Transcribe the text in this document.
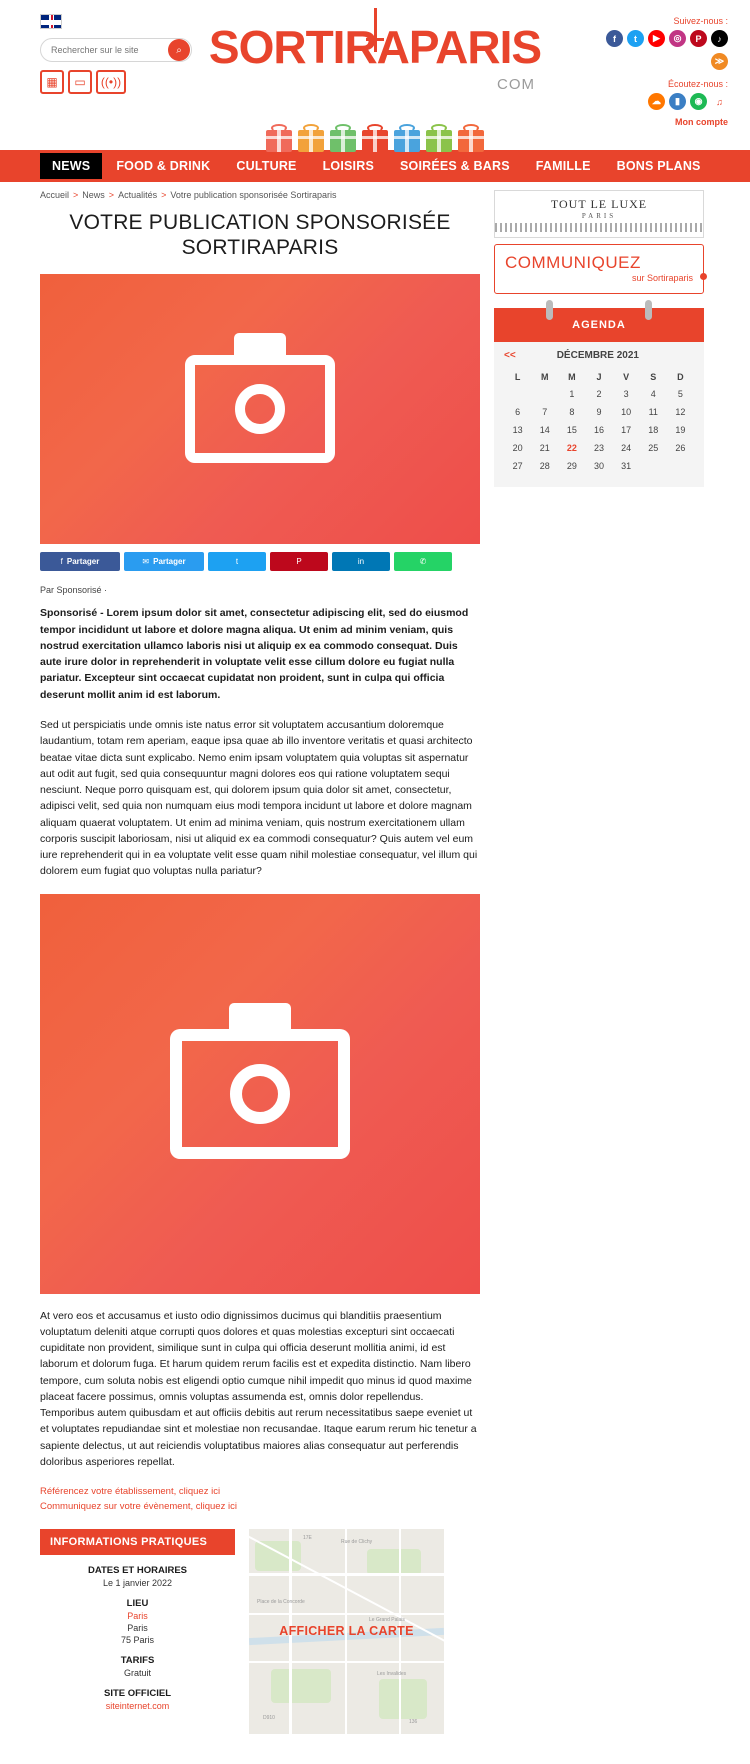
Rechercher sur le site
⌕
▦	▭	((•))
SORTIRAPARIS
COM
Suivez-nous :
f	t	▶	◎	P	♪
≫
Écoutez-nous :
☁	▮	◉	♫
Mon compte
NEWS	FOOD & DRINK	CULTURE	LOISIRS	SOIRÉES & BARS	FAMILLE	BONS PLANS
Accueil > News > Actualités > Votre publication sponsorisée Sortiraparis
VOTRE PUBLICATION SPONSORISÉE SORTIRAPARIS
f Partager	✉ Partager	t	P	in	✆
Par Sponsorisé ·

Sponsorisé - Lorem ipsum dolor sit amet, consectetur adipiscing elit, sed do eiusmod tempor incididunt ut labore et dolore magna aliqua. Ut enim ad minim veniam, quis nostrud exercitation ullamco laboris nisi ut aliquip ex ea commodo consequat. Duis aute irure dolor in reprehenderit in voluptate velit esse cillum dolore eu fugiat nulla pariatur. Excepteur sint occaecat cupidatat non proident, sunt in culpa qui officia deserunt mollit anim id est laborum.

Sed ut perspiciatis unde omnis iste natus error sit voluptatem accusantium doloremque laudantium, totam rem aperiam, eaque ipsa quae ab illo inventore veritatis et quasi architecto beatae vitae dicta sunt explicabo. Nemo enim ipsam voluptatem quia voluptas sit aspernatur aut odit aut fugit, sed quia consequuntur magni dolores eos qui ratione voluptatem sequi nesciunt. Neque porro quisquam est, qui dolorem ipsum quia dolor sit amet, consectetur, adipisci velit, sed quia non numquam eius modi tempora incidunt ut labore et dolore magnam aliquam quaerat voluptatem. Ut enim ad minima veniam, quis nostrum exercitationem ullam corporis suscipit laboriosam, nisi ut aliquid ex ea commodi consequatur? Quis autem vel eum iure reprehenderit qui in ea voluptate velit esse quam nihil molestiae consequatur, vel illum qui dolorem eum fugiat quo voluptas nulla pariatur?

At vero eos et accusamus et iusto odio dignissimos ducimus qui blanditiis praesentium voluptatum deleniti atque corrupti quos dolores et quas molestias excepturi sint occaecati cupiditate non provident, similique sunt in culpa qui officia deserunt mollitia animi, id est laborum et dolorum fuga. Et harum quidem rerum facilis est et expedita distinctio. Nam libero tempore, cum soluta nobis est eligendi optio cumque nihil impedit quo minus id quod maxime placeat facere possimus, omnis voluptas assumenda est, omnis dolor repellendus. Temporibus autem quibusdam et aut officiis debitis aut rerum necessitatibus saepe eveniet ut et voluptates repudiandae sint et molestiae non recusandae. Itaque earum rerum hic tenetur a sapiente delectus, ut aut reiciendis voluptatibus maiores alias consequatur aut perferendis doloribus asperiores repellat.

Référencez votre établissement, cliquez ici
Communiquez sur votre évènement, cliquez ici
INFORMATIONS PRATIQUES
DATES ET HORAIRES
Le 1 janvier 2022
LIEU
Paris
Paris
75 Paris
TARIFS
Gratuit
SITE OFFICIEL
siteinternet.com
17E
Rue de Clichy
Place de la Concorde
Le Grand Palais
Les Invalides
D910
136
AFFICHER LA CARTE
TOUT LE LUXE
PARIS
COMMUNIQUEZ
sur Sortiraparis
AGENDA
<<	DÉCEMBRE 2021
L	M	M	J	V	S	D
		1	2	3	4	5
6	7	8	9	10	11	12
13	14	15	16	17	18	19
20	21	22	23	24	25	26
27	28	29	30	31		
